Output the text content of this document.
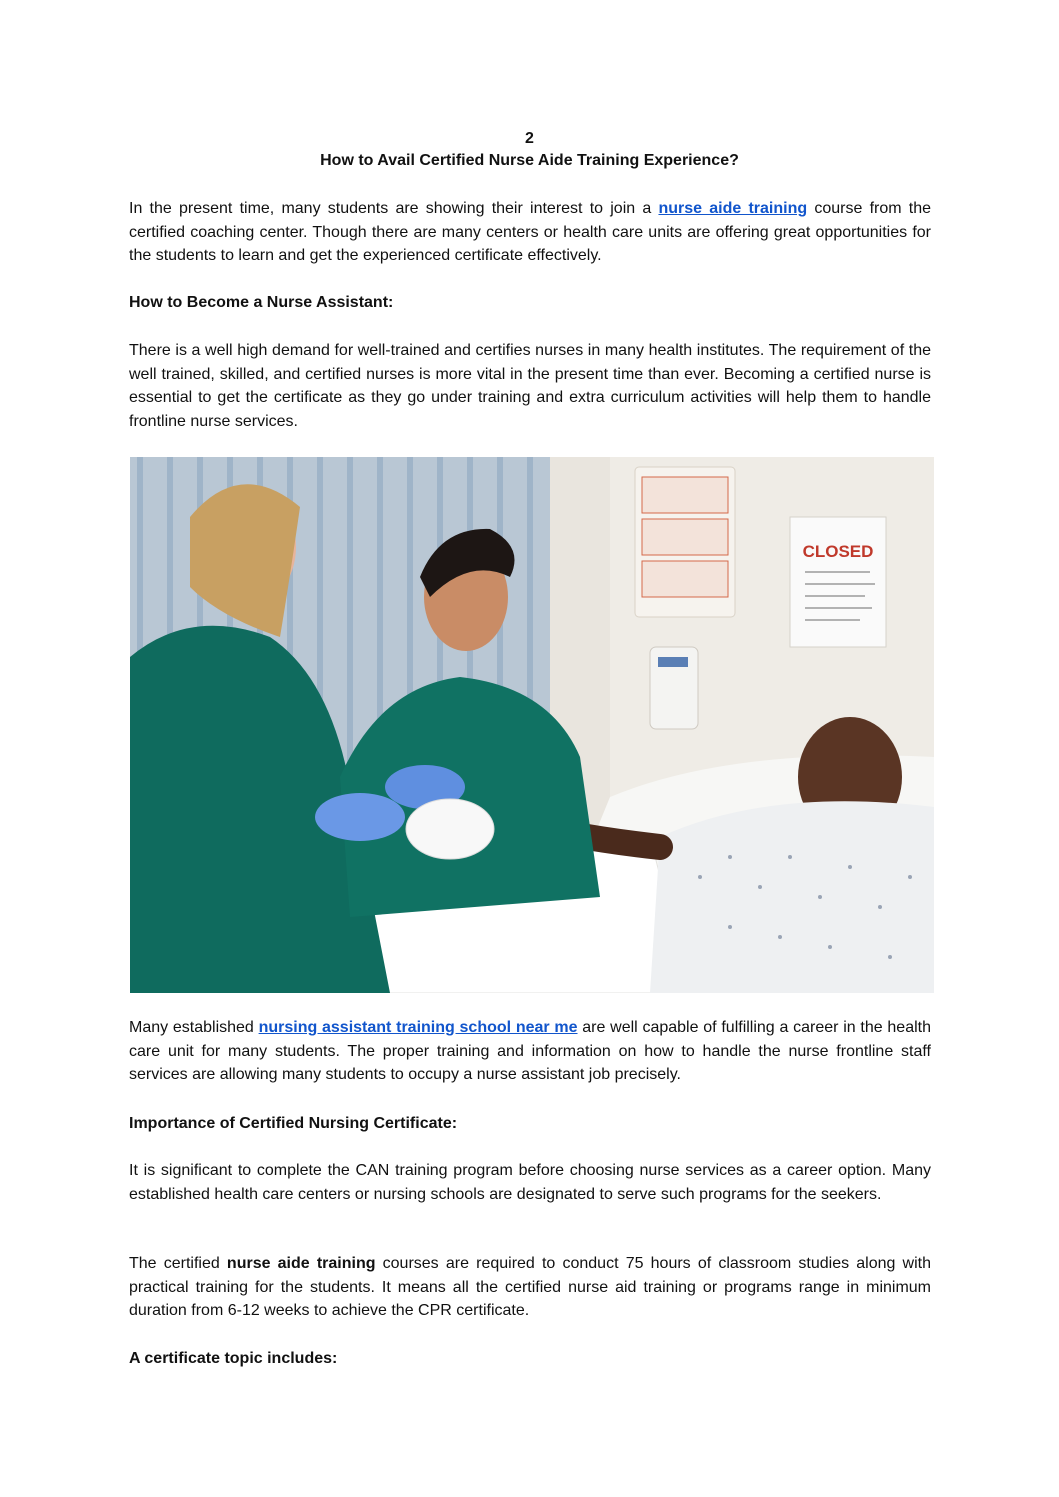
2
How to Avail Certified Nurse Aide Training Experience?

In the present time, many students are showing their interest to join a nurse aide training course from the certified coaching center. Though there are many centers or health care units are offering great opportunities for the students to learn and get the experienced certificate effectively.

How to Become a Nurse Assistant:

There is a well high demand for well-trained and certifies nurses in many health institutes. The requirement of the well trained, skilled, and certified nurses is more vital in the present time than ever. Becoming a certified nurse is essential to get the certificate as they go under training and extra curriculum activities will help them to handle frontline nurse services.

CLOSED

Many established nursing assistant training school near me are well capable of fulfilling a career in the health care unit for many students. The proper training and information on how to handle the nurse frontline staff services are allowing many students to occupy a nurse assistant job precisely.

Importance of Certified Nursing Certificate:

It is significant to complete the CAN training program before choosing nurse services as a career option. Many established health care centers or nursing schools are designated to serve such programs for the seekers.

The certified nurse aide training courses are required to conduct 75 hours of classroom studies along with practical training for the students. It means all the certified nurse aid training or programs range in minimum duration from 6-12 weeks to achieve the CPR certificate.

A certificate topic includes:
